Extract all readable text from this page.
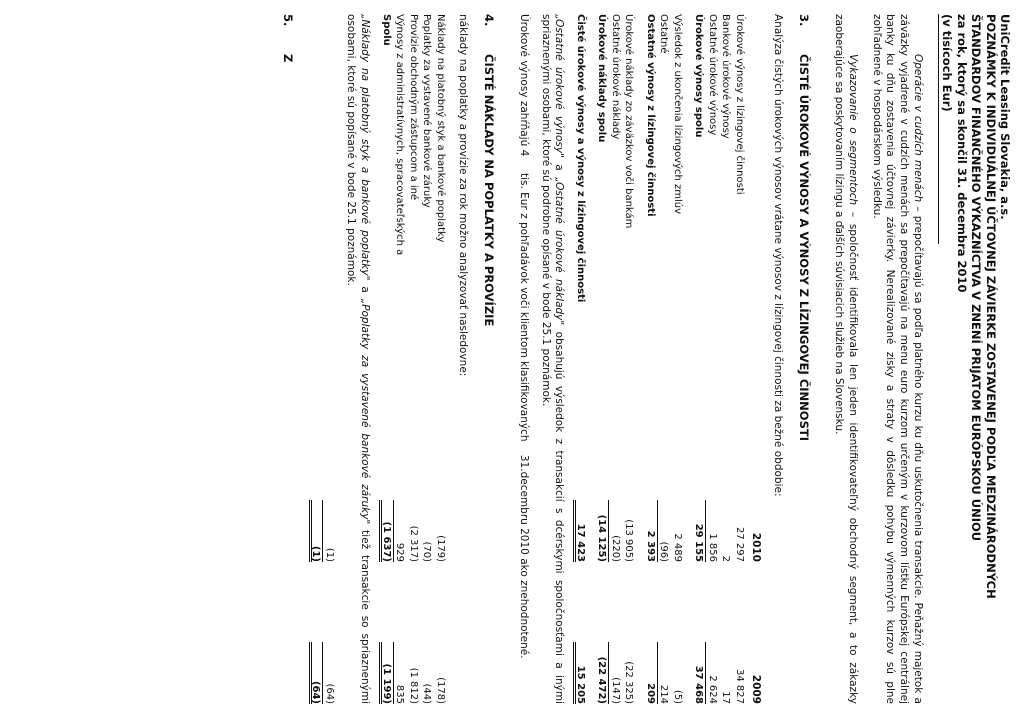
UniCredit Leasing Slovakia, a.s.
POZNÁMKY K INDIVIDUÁLNEJ ÚČTOVNEJ ZÁVIERKE ZOSTAVENEJ PODĽA MEDZINÁRODNÝCH
ŠTANDARDOV FINANČNÉHO VÝKAZNÍCTVA V ZNENÍ PRIJATOM EURÓPSKOU ÚNIOU
za rok, ktorý sa skončil 31. decembra 2010
(v tisícoch Eur)

Operácie v cudzích menách – prepočítavajú sa podľa platného kurzu ku dňu uskutočnenia transakcie. Peňažný majetok a záväzky vyjadrené v cudzích menách sa prepočítavajú na menu euro kurzom určeným v kurzovom lístku Európskej centrálnej banky ku dňu zostavenia účtovnej závierky. Nerealizované zisky a straty v dôsledku pohybu výmenných kurzov sú plne zohľadnené v hospodárskom výsledku.

Vykazovanie o segmentoch – spoločnosť identifikovala len jeden identifikovateľný obchodný segment, a to zákazky zaoberajúce sa poskytovaním lízingu a ďalších súvisiacich služieb na Slovensku.

3.
ČISTÉ ÚROKOVÉ VÝNOSY A VÝNOSY Z LÍZINGOVEJ ČINNOSTI

Analýza čistých úrokových výnosov vrátane výnosov z lízingovej činnosti za bežné obdobie:

2010
2009
Úrokové výnosy z lízingovej činnosti
27 297
34 827
Bankové úrokové výnosy
2
17
Ostatné úrokové výnosy
1 856
2 624
Úrokové výnosy spolu
29 155
37 468
Výsledok z ukončenia lízingových zmlúv
2 489
(5)
Ostatné
(96)
214
Ostatné výnosy z lízingovej činnosti
2 393
209
Úrokové náklady zo záväzkov voči bankám
(13 905)
(22 325)
Ostatné úrokové náklady
(220)
(147)
Úrokové náklady spolu
(14 125)
(22 472)
Čisté úrokové výnosy a výnosy z lízingovej činnosti
17 423
15 205

„Ostatné úrokové výnosy" a „Ostatné úrokové náklady" obsahujú výsledok z transakcií s dcérskymi spoločnosťami a inými spriaznenými osobami, ktoré sú podrobne opísané v bode 25.1 poznámok.

Úrokové výnosy zahŕňajú 4     tis. Eur z pohľadávok voči klientom klasifikovaných    31.decembru 2010 ako znehodnotené.

4.
ČISTÉ NÁKLADY NA POPLATKY A PROVÍZIE

náklady na poplatky a provízie za rok možno analyzovať nasledovne:

Náklady na platobný styk a bankové poplatky
(179)
(178)
Poplatky za vystavené bankové záruky
(70)
(44)
Provízie obchodným zástupcom a iné
(2 317)
(1 812)
Výnosy z administratívnych, spracovateľských a
929
835
Spolu
(1 637)
(1 199)

„Náklady na platobný styk a bankové poplatky" a „Poplatky za vystavené bankové záruky" tiež transakcie so spriaznenými osobami, ktoré sú popísané v bode 25.1 poznámok.

(1)
(64)
(1)
(64)
5.
Z
